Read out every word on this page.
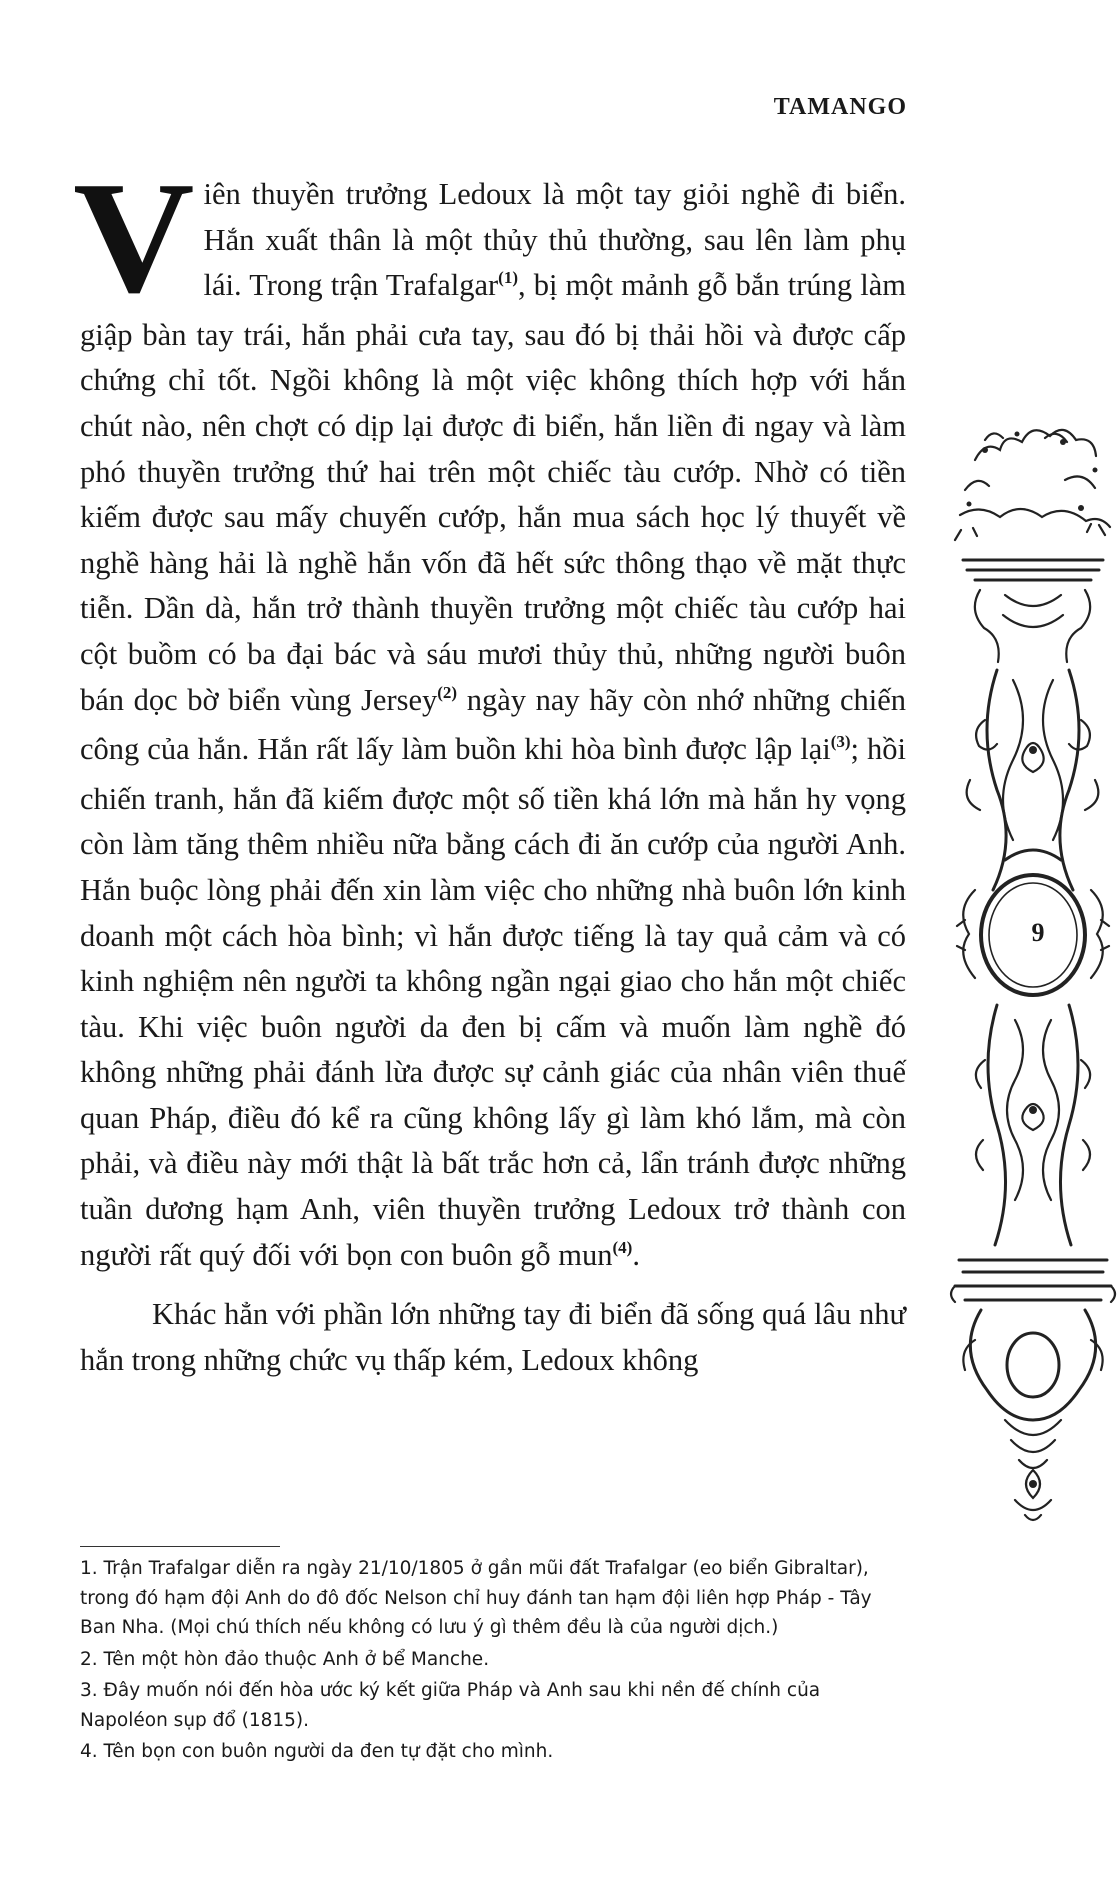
TAMANGO

Viên thuyền trưởng Ledoux là một tay giỏi nghề đi biển. Hắn xuất thân là một thủy thủ thường, sau lên làm phụ lái. Trong trận Trafalgar$^{(1)}$, bị một mảnh gỗ bắn trúng làm giập bàn tay trái, hắn phải cưa tay, sau đó bị thải hồi và được cấp chứng chỉ tốt. Ngồi không là một việc không thích hợp với hắn chút nào, nên chợt có dịp lại được đi biển, hắn liền đi ngay và làm phó thuyền trưởng thứ hai trên một chiếc tàu cướp. Nhờ có tiền kiếm được sau mấy chuyến cướp, hắn mua sách học lý thuyết về nghề hàng hải là nghề hắn vốn đã hết sức thông thạo về mặt thực tiễn. Dần dà, hắn trở thành thuyền trưởng một chiếc tàu cướp hai cột buồm có ba đại bác và sáu mươi thủy thủ, những người buôn bán dọc bờ biển vùng Jersey$^{(2)}$ ngày nay hãy còn nhớ những chiến công của hắn. Hắn rất lấy làm buồn khi hòa bình được lập lại$^{(3)}$; hồi chiến tranh, hắn đã kiếm được một số tiền khá lớn mà hắn hy vọng còn làm tăng thêm nhiều nữa bằng cách đi ăn cướp của người Anh. Hắn buộc lòng phải đến xin làm việc cho những nhà buôn lớn kinh doanh một cách hòa bình; vì hắn được tiếng là tay quả cảm và có kinh nghiệm nên người ta không ngần ngại giao cho hắn một chiếc tàu. Khi việc buôn người da đen bị cấm và muốn làm nghề đó không những phải đánh lừa được sự cảnh giác của nhân viên thuế quan Pháp, điều đó kể ra cũng không lấy gì làm khó lắm, mà còn phải, và điều này mới thật là bất trắc hơn cả, lẩn tránh được những tuần dương hạm Anh, viên thuyền trưởng Ledoux trở thành con người rất quý đối với bọn con buôn gỗ mun$^{(4)}$.

Khác hẳn với phần lớn những tay đi biển đã sống quá lâu như hắn trong những chức vụ thấp kém, Ledoux không

1. Trận Trafalgar diễn ra ngày 21/10/1805 ở gần mũi đất Trafalgar (eo biển Gibraltar), trong đó hạm đội Anh do đô đốc Nelson chỉ huy đánh tan hạm đội liên hợp Pháp - Tây Ban Nha. (Mọi chú thích nếu không có lưu ý gì thêm đều là của người dịch.)

2. Tên một hòn đảo thuộc Anh ở bể Manche.

3. Đây muốn nói đến hòa ước ký kết giữa Pháp và Anh sau khi nền đế chính của Napoléon sụp đổ (1815).

4. Tên bọn con buôn người da đen tự đặt cho mình.

9
